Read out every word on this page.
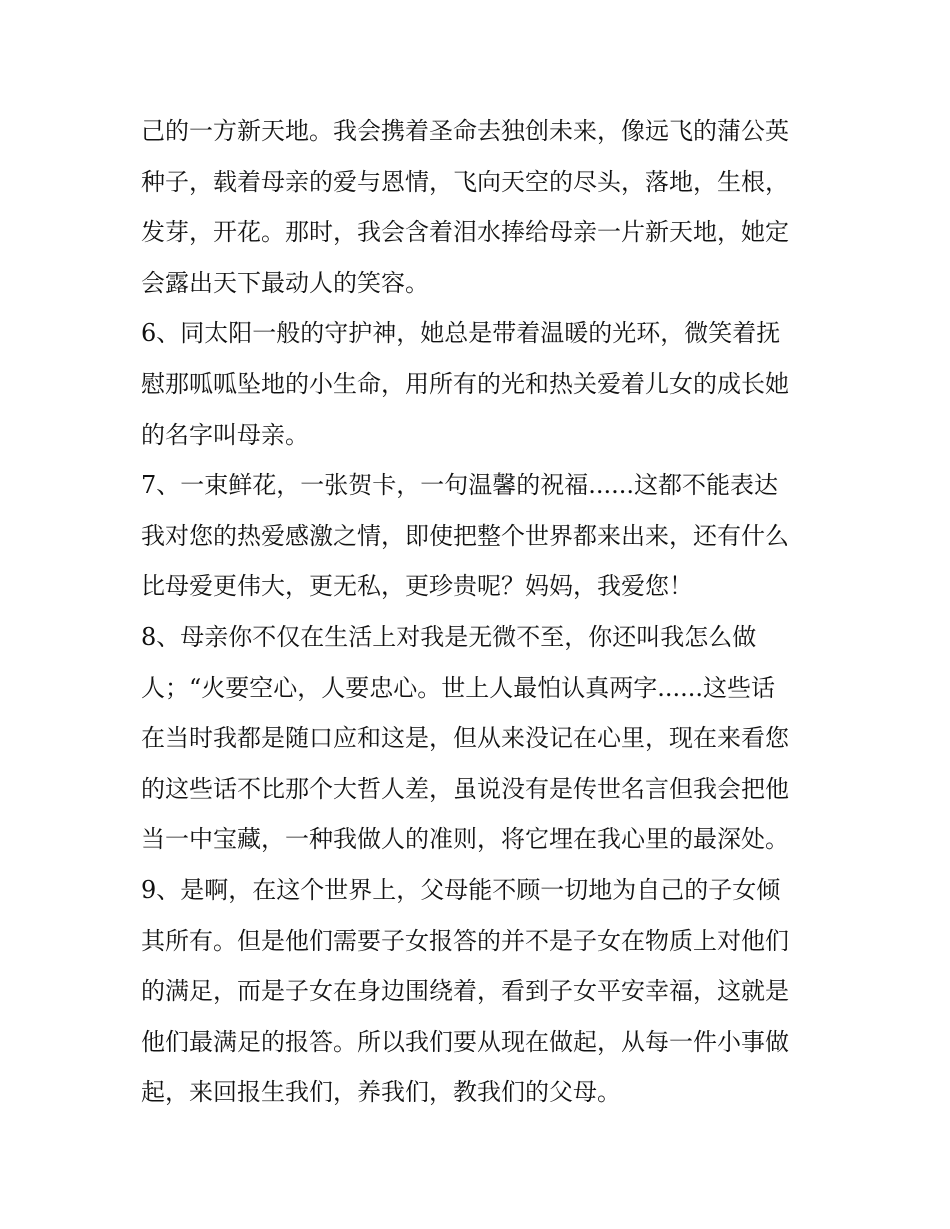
己的一方新天地。我会携着圣命去独创未来，像远飞的蒲公英
种子，载着母亲的爱与恩情，飞向天空的尽头，落地，生根，
发芽，开花。那时，我会含着泪水捧给母亲一片新天地，她定
会露出天下最动人的笑容。
6、同太阳一般的守护神，她总是带着温暖的光环，微笑着抚
慰那呱呱坠地的小生命，用所有的光和热关爱着儿女的成长她
的名字叫母亲。
7、一束鲜花，一张贺卡，一句温馨的祝福......这都不能表达
我对您的热爱感激之情，即使把整个世界都来出来，还有什么
比母爱更伟大，更无私，更珍贵呢？妈妈，我爱您！
8、母亲你不仅在生活上对我是无微不至，你还叫我怎么做
人；“火要空心，人要忠心。世上人最怕认真两字......这些话
在当时我都是随口应和这是，但从来没记在心里，现在来看您
的这些话不比那个大哲人差，虽说没有是传世名言但我会把他
当一中宝藏，一种我做人的准则，将它埋在我心里的最深处。
9、是啊，在这个世界上，父母能不顾一切地为自己的子女倾
其所有。但是他们需要子女报答的并不是子女在物质上对他们
的满足，而是子女在身边围绕着，看到子女平安幸福，这就是
他们最满足的报答。所以我们要从现在做起，从每一件小事做
起，来回报生我们，养我们，教我们的父母。
